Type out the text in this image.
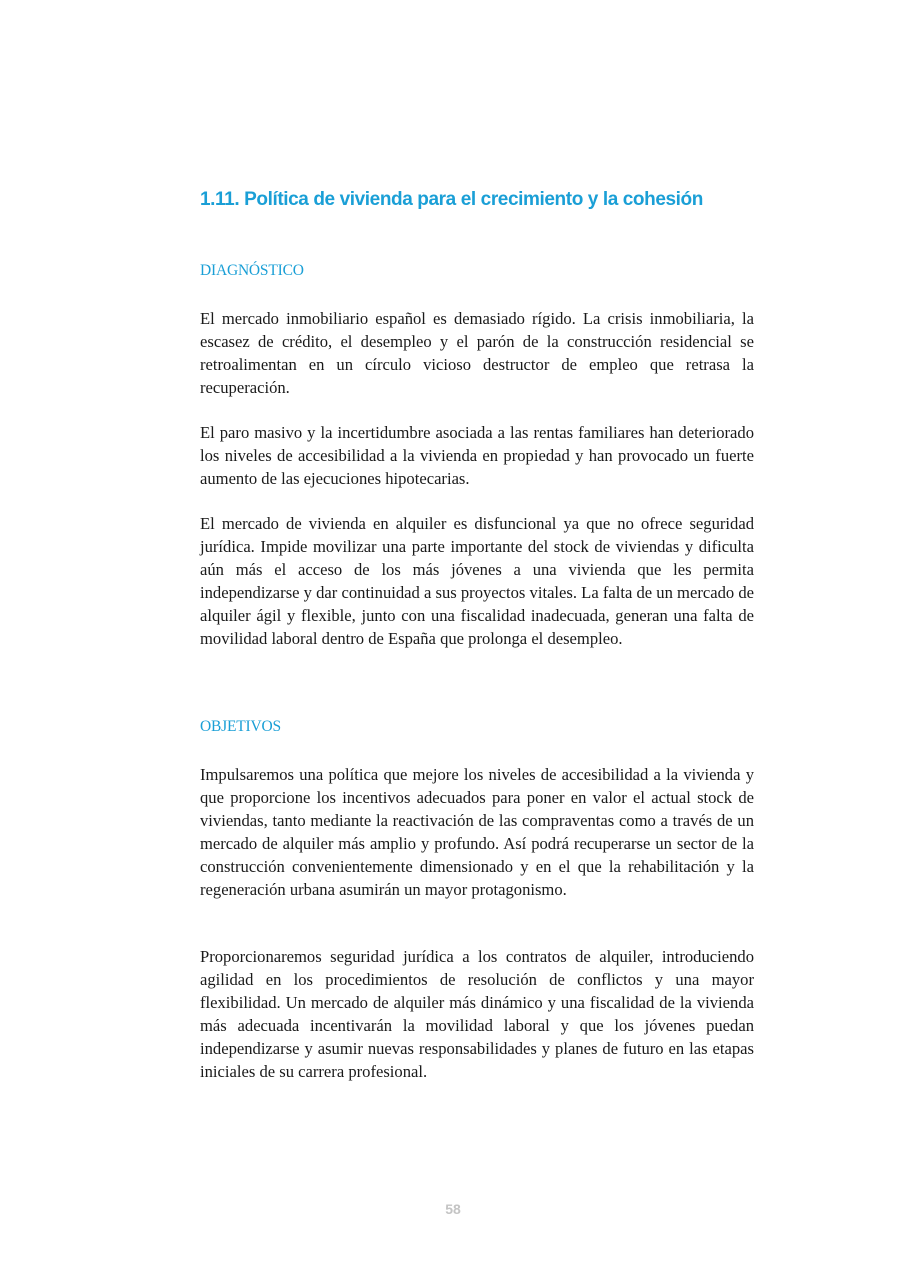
1.11. Política de vivienda para el crecimiento y la cohesión
DIAGNÓSTICO

El mercado inmobiliario español es demasiado rígido. La crisis inmobiliaria, la escasez de crédito, el desempleo y el parón de la construcción residencial se retroalimentan en un círculo vicioso destructor de empleo que retrasa la recuperación.

El paro masivo y la incertidumbre asociada a las rentas familiares han deteriorado los niveles de accesibilidad a la vivienda en propiedad y han provocado un fuerte aumento de las ejecuciones hipotecarias.

El mercado de vivienda en alquiler es disfuncional ya que no ofrece seguridad jurídica. Impide movilizar una parte importante del stock de viviendas y dificulta aún más el acceso de los más jóvenes a una vivienda que les permita independizarse y dar continuidad a sus proyectos vitales. La falta de un mercado de alquiler ágil y flexible, junto con una fiscalidad inadecuada, generan una falta de movilidad laboral dentro de España que prolonga el desempleo.

OBJETIVOS

Impulsaremos una política que mejore los niveles de accesibilidad a la vivienda y que proporcione los incentivos adecuados para poner en valor el actual stock de viviendas, tanto mediante la reactivación de las compraventas como a través de un mercado de alquiler más amplio y profundo. Así podrá recuperarse un sector de la construcción convenientemente dimensionado y en el que la rehabilitación y la regeneración urbana asumirán un mayor protagonismo.

Proporcionaremos seguridad jurídica a los contratos de alquiler, introduciendo agilidad en los procedimientos de resolución de conflictos y una mayor flexibilidad. Un mercado de alquiler más dinámico y una fiscalidad de la vivienda más adecuada incentivarán la movilidad laboral y que los jóvenes puedan independizarse y asumir nuevas responsabilidades y planes de futuro en las etapas iniciales de su carrera profesional.

58
